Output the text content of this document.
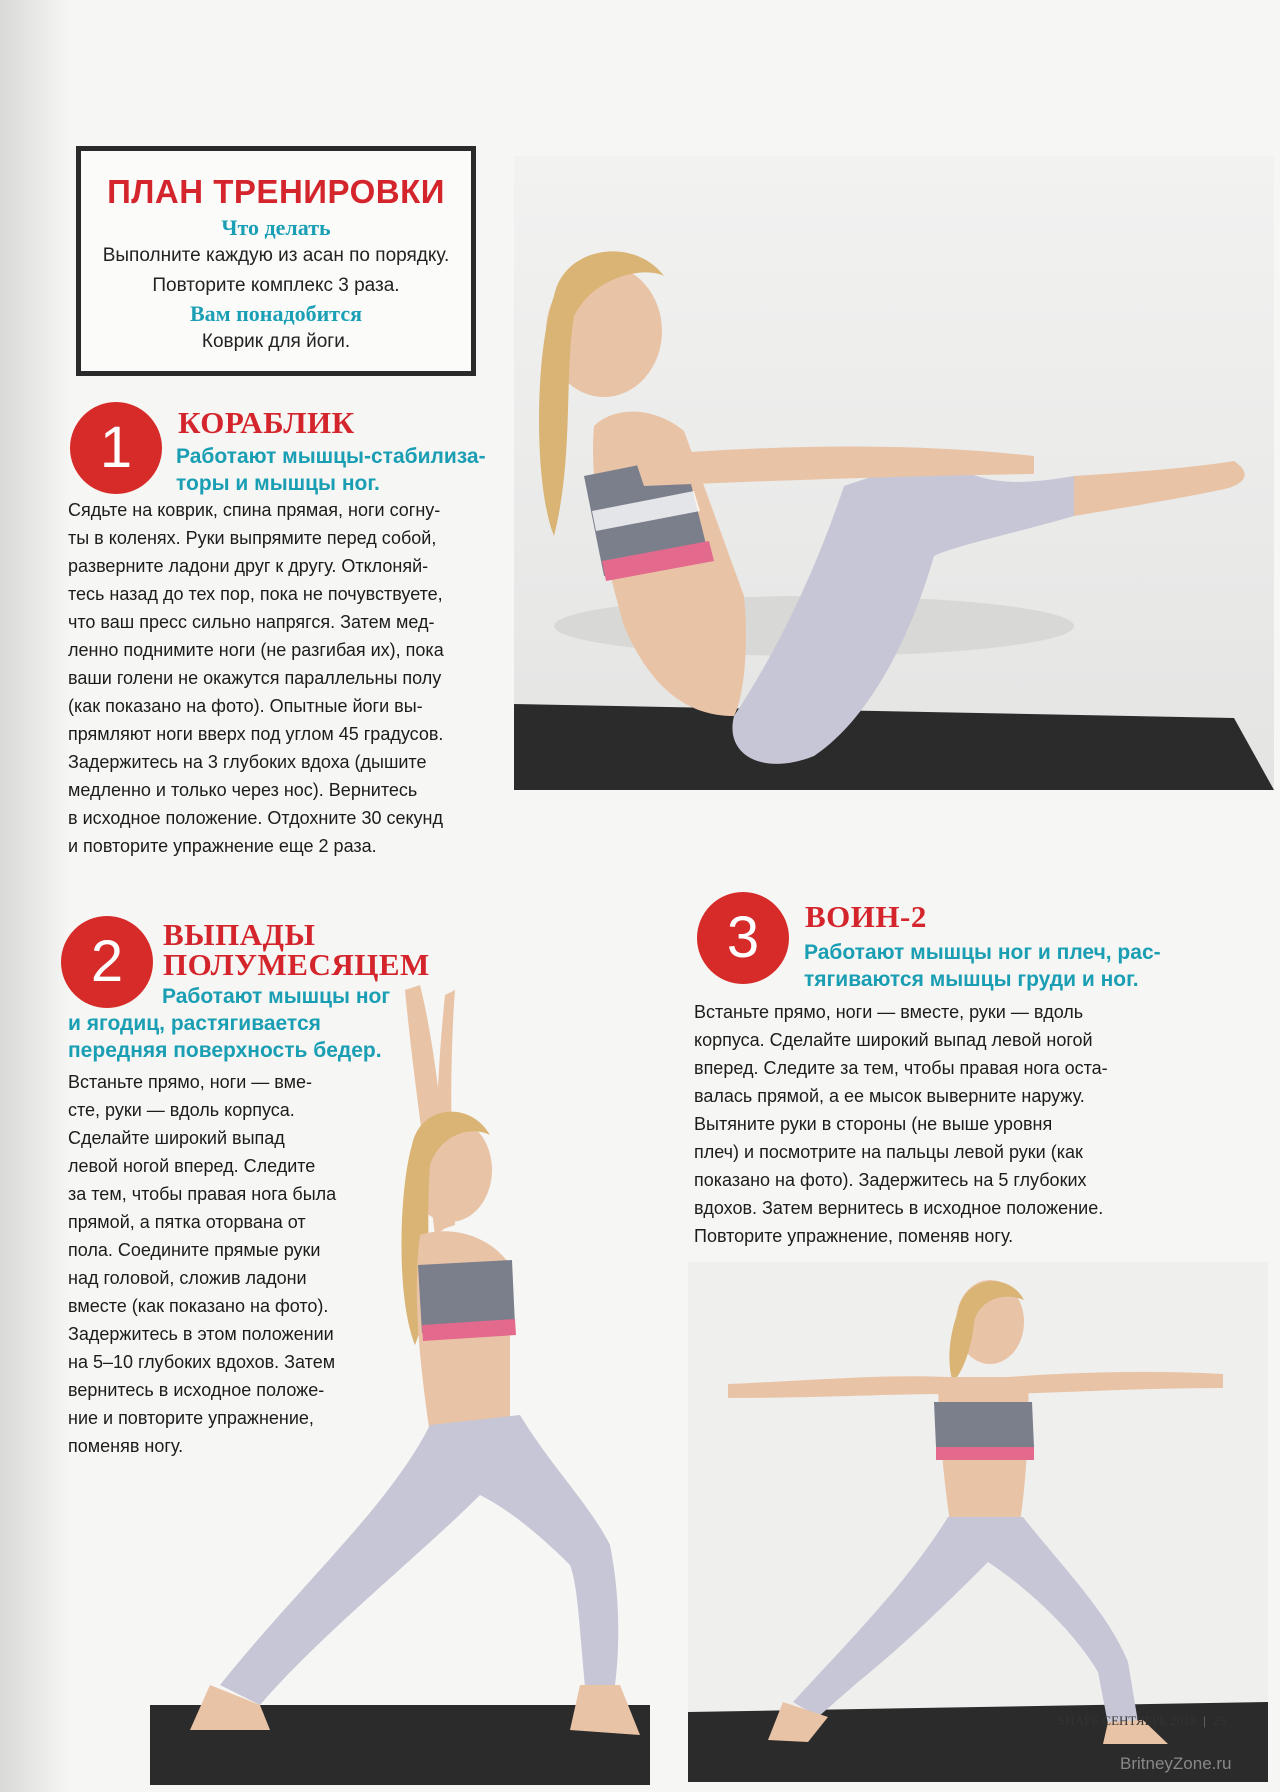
ПЛАН ТРЕНИРОВКИ
Что делать
Выполните каждую из асан по порядку.
Повторите комплекс 3 раза.
Вам понадобится
Коврик для йоги.
1	КОРАБЛИК
Работают мышцы-стабилиза-
торы и мышцы ног.
Сядьте на коврик, спина прямая, ноги согну-
ты в коленях. Руки выпрямите перед собой,
разверните ладони друг к другу. Отклоняй-
тесь назад до тех пор, пока не почувствуете,
что ваш пресс сильно напрягся. Затем мед-
ленно поднимите ноги (не разгибая их), пока
ваши голени не окажутся параллельны полу
(как показано на фото). Опытные йоги вы-
прямляют ноги вверх под углом 45 градусов.
Задержитесь на 3 глубоких вдоха (дышите
медленно и только через нос). Вернитесь
в исходное положение. Отдохните 30 секунд
и повторите упражнение еще 2 раза.
2	ВЫПАДЫ
ПОЛУМЕСЯЦЕМ
Работают мышцы ног
и ягодиц, растягивается
передняя поверхность бедер.
Встаньте прямо, ноги — вме-
сте, руки — вдоль корпуса.
Сделайте широкий выпад
левой ногой вперед. Следите
за тем, чтобы правая нога была
прямой, а пятка оторвана от
пола. Соедините прямые руки
над головой, сложив ладони
вместе (как показано на фото).
Задержитесь в этом положении
на 5–10 глубоких вдохов. Затем
вернитесь в исходное положе-
ние и повторите упражнение,
поменяв ногу.
3	ВОИН-2
Работают мышцы ног и плеч, рас-
тягиваются мышцы груди и ног.
Встаньте прямо, ноги — вместе, руки — вдоль
корпуса. Сделайте широкий выпад левой ногой
вперед. Следите за тем, чтобы правая нога оста-
валась прямой, а ее мысок выверните наружу.
Вытяните руки в стороны (не выше уровня
плеч) и посмотрите на пальцы левой руки (как
показано на фото). Задержитесь на 5 глубоких
вдохов. Затем вернитесь в исходное положение.
Повторите упражнение, поменяв ногу.
SHAPE СЕНТЯБРЬ 2013 | 25
BritneyZone.ru
